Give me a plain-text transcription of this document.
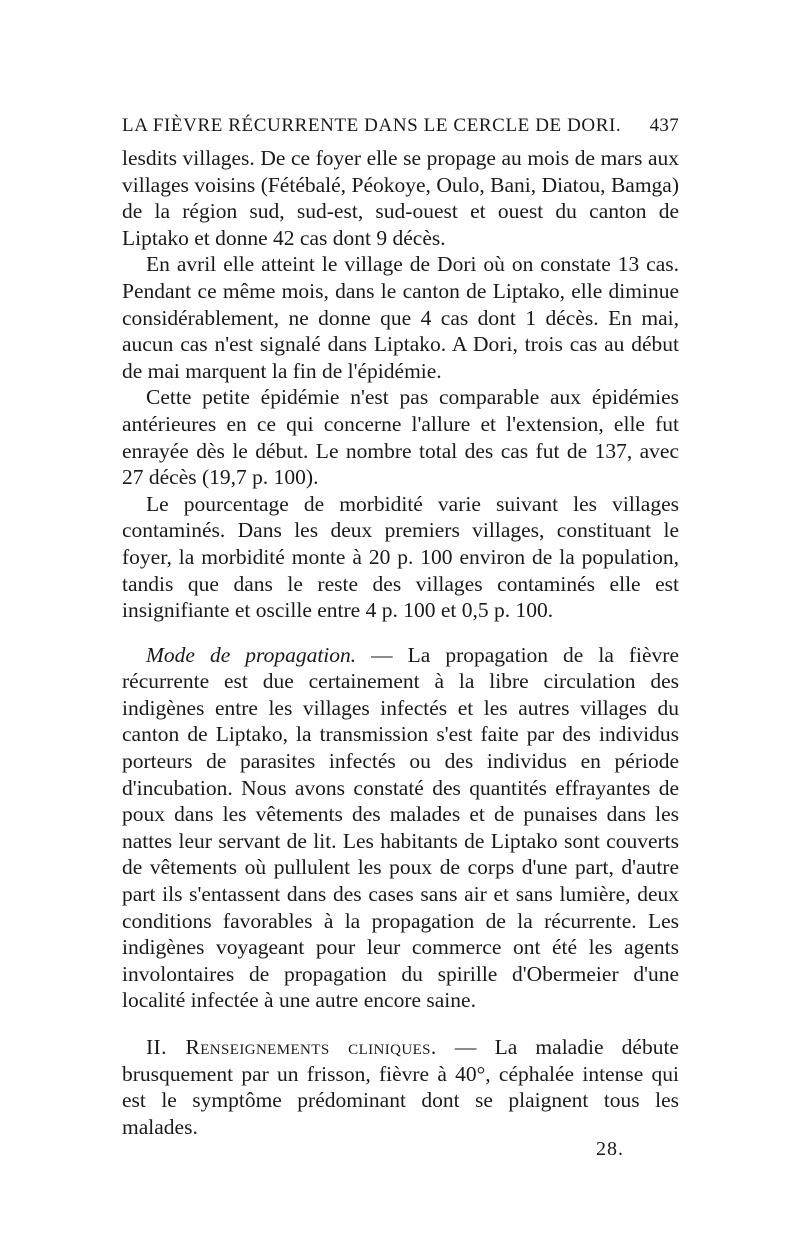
LA FIÈVRE RÉCURRENTE DANS LE CERCLE DE DORI. 437

lesdits villages. De ce foyer elle se propage au mois de mars aux villages voisins (Fétébalé, Péokoye, Oulo, Bani, Diatou, Bamga) de la région sud, sud-est, sud-ouest et ouest du canton de Liptako et donne 42 cas dont 9 décès.

En avril elle atteint le village de Dori où on constate 13 cas. Pendant ce même mois, dans le canton de Liptako, elle diminue considérablement, ne donne que 4 cas dont 1 décès. En mai, aucun cas n'est signalé dans Liptako. A Dori, trois cas au début de mai marquent la fin de l'épidémie.

Cette petite épidémie n'est pas comparable aux épidémies antérieures en ce qui concerne l'allure et l'extension, elle fut enrayée dès le début. Le nombre total des cas fut de 137, avec 27 décès (19,7 p. 100).

Le pourcentage de morbidité varie suivant les villages contaminés. Dans les deux premiers villages, constituant le foyer, la morbidité monte à 20 p. 100 environ de la population, tandis que dans le reste des villages contaminés elle est insignifiante et oscille entre 4 p. 100 et 0,5 p. 100.

Mode de propagation. — La propagation de la fièvre récurrente est due certainement à la libre circulation des indigènes entre les villages infectés et les autres villages du canton de Liptako, la transmission s'est faite par des individus porteurs de parasites infectés ou des individus en période d'incubation. Nous avons constaté des quantités effrayantes de poux dans les vêtements des malades et de punaises dans les nattes leur servant de lit. Les habitants de Liptako sont couverts de vêtements où pullulent les poux de corps d'une part, d'autre part ils s'entassent dans des cases sans air et sans lumière, deux conditions favorables à la propagation de la récurrente. Les indigènes voyageant pour leur commerce ont été les agents involontaires de propagation du spirille d'Obermeier d'une localité infectée à une autre encore saine.

II. Renseignements cliniques. — La maladie débute brusquement par un frisson, fièvre à 40°, céphalée intense qui est le symptôme prédominant dont se plaignent tous les malades.

28.
